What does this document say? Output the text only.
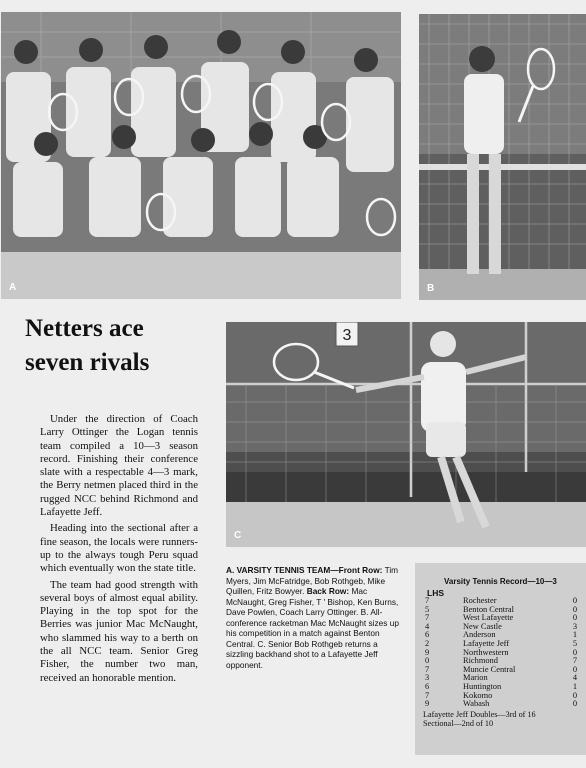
A	B
Netters ace
seven rivals

Under the direction of Coach Larry Ottinger the Logan tennis team compiled a 10—3 season record. Finishing their conference slate with a respectable 4—3 mark, the Berry netmen placed third in the rugged NCC behind Richmond and Lafayette Jeff.

Heading into the sectional after a fine season, the locals were runners-up to the always tough Peru squad which eventually won the state title.

The team had good strength with several boys of almost equal ability. Playing in the top spot for the Berries was junior Mac McNaught, who slammed his way to a berth on the all NCC team. Senior Greg Fisher, the number two man, received an honorable mention.

3
C
A. VARSITY TENNIS TEAM—Front Row: Tim Myers, Jim McFatridge, Bob Rothgeb, Mike Quillen, Fritz Bowyer. Back Row: Mac McNaught, Greg Fisher, T ' Bishop, Ken Burns, Dave Powlen, Coach Larry Ottinger. B. All-conference racketman Mac McNaught sizes up his competition in a match against Benton Central. C. Senior Bob Rothgeb returns a sizzling backhand shot to a Lafayette Jeff opponent.
Varsity Tennis Record—10—3
LHS
7	Rochester	0
5	Benton Central	0
7	West Lafayette	0
4	New Castle	3
6	Anderson	1
2	Lafayette Jeff	5
9	Northwestern	0
0	Richmond	7
7	Muncie Central	0
3	Marion	4
6	Huntington	1
7	Kokomo	0
9	Wabash	0
Lafayette Jeff Doubles—3rd of 16
Sectional—2nd of 10
